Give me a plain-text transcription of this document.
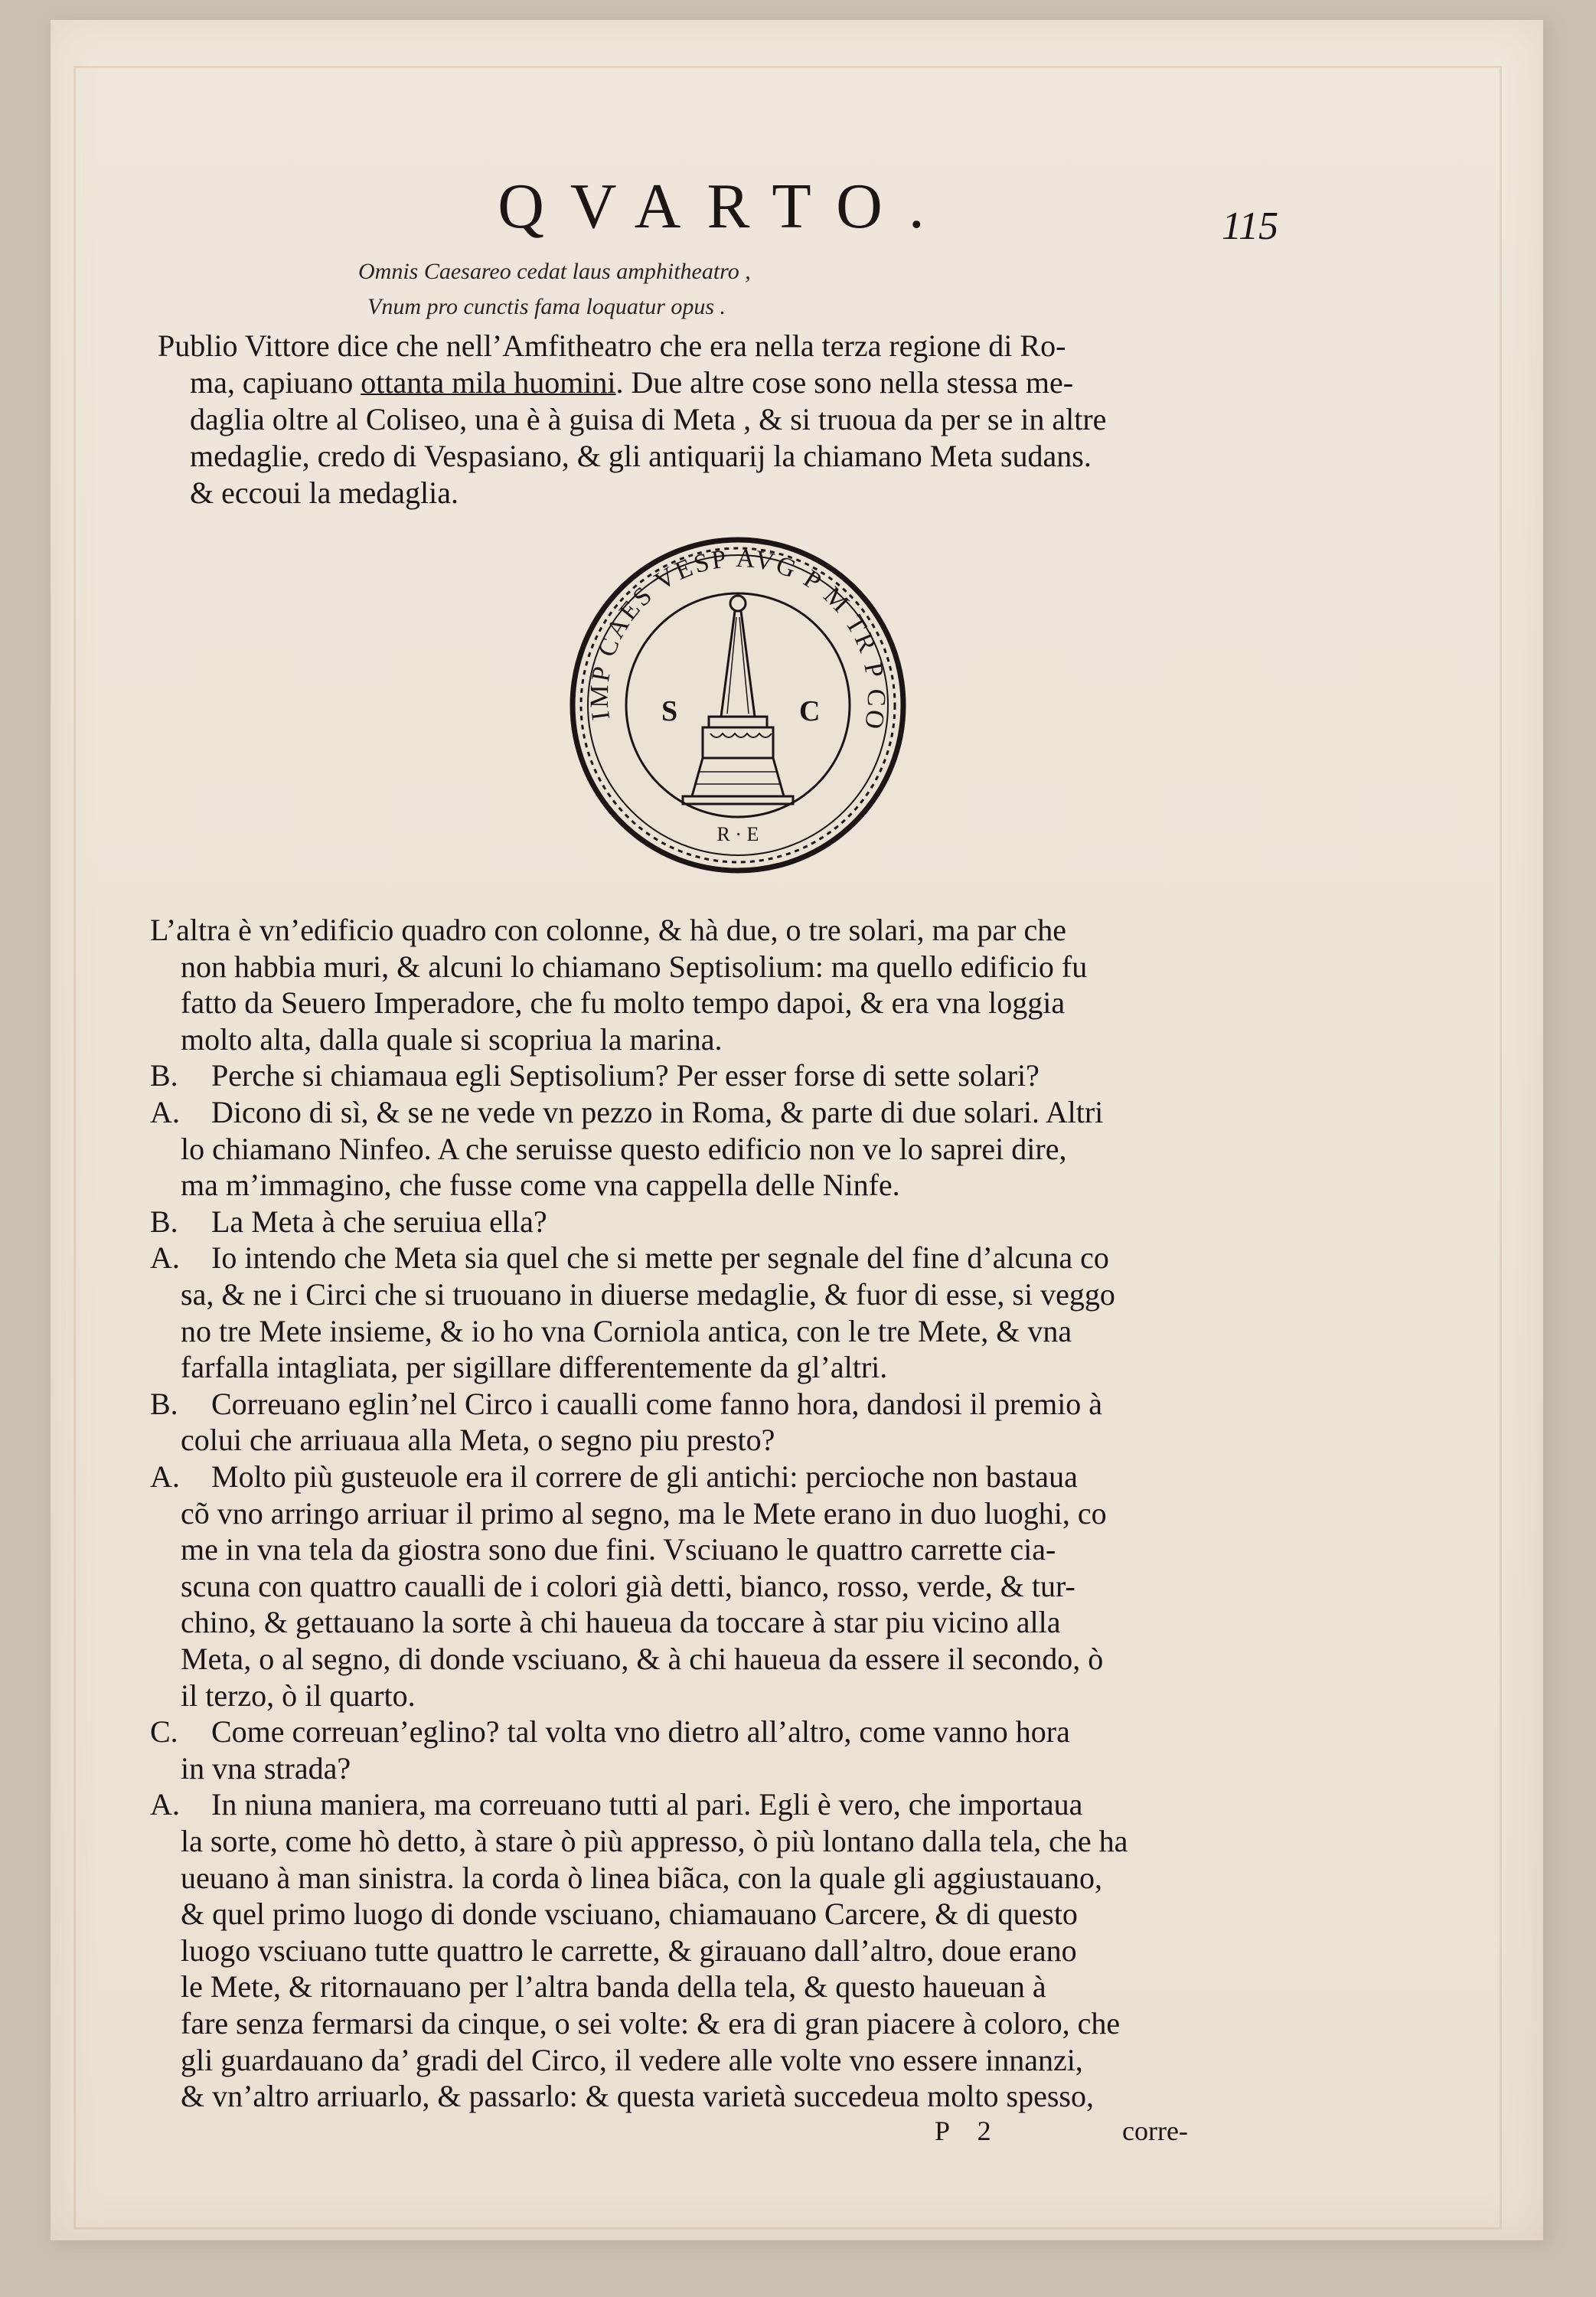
QVARTO.	115
Omnis Caesareo cedat laus amphitheatro ,
Vnum pro cunctis fama loquatur opus .
Publio Vittore dice che nell’Amfitheatro che era nella terza regione di Ro-
ma, capiuano ottanta mila huomini. Due altre cose sono nella stessa me-
daglia oltre al Coliseo, una è à guisa di Meta , & si truoua da per se in altre
medaglie, credo di Vespasiano, & gli antiquarij la chiamano Meta sudans.
& eccoui la medaglia.
IMP CAES VESP AVG P M TR P CO
S	C
R · E
L’altra è vn’edificio quadro con colonne, & hà due, o tre solari, ma par che
non habbia muri, & alcuni lo chiamano Septisolium: ma quello edificio fu
fatto da Seuero Imperadore, che fu molto tempo dapoi, & era vna loggia
molto alta, dalla quale si scopriua la marina.
B. Perche si chiamaua egli Septisolium? Per esser forse di sette solari?
A. Dicono di sì, & se ne vede vn pezzo in Roma, & parte di due solari. Altri
lo chiamano Ninfeo. A che seruisse questo edificio non ve lo saprei dire,
ma m’immagino, che fusse come vna cappella delle Ninfe.
B. La Meta à che seruiua ella?
A. Io intendo che Meta sia quel che si mette per segnale del fine d’alcuna co
sa, & ne i Circi che si truouano in diuerse medaglie, & fuor di esse, si veggo
no tre Mete insieme, & io ho vna Corniola antica, con le tre Mete, & vna
farfalla intagliata, per sigillare differentemente da gl’altri.
B. Correuano eglin’nel Circo i caualli come fanno hora, dandosi il premio à
colui che arriuaua alla Meta, o segno piu presto?
A. Molto più gusteuole era il correre de gli antichi: percioche non bastaua
cõ vno arringo arriuar il primo al segno, ma le Mete erano in duo luoghi, co
me in vna tela da giostra sono due fini. Vsciuano le quattro carrette cia-
scuna con quattro caualli de i colori già detti, bianco, rosso, verde, & tur-
chino, & gettauano la sorte à chi haueua da toccare à star piu vicino alla
Meta, o al segno, di donde vsciuano, & à chi haueua da essere il secondo, ò
il terzo, ò il quarto.
C. Come correuan’eglino? tal volta vno dietro all’altro, come vanno hora
in vna strada?
A. In niuna maniera, ma correuano tutti al pari. Egli è vero, che importaua
la sorte, come hò detto, à stare ò più appresso, ò più lontano dalla tela, che ha
ueuano à man sinistra. la corda ò linea biãca, con la quale gli aggiustauano,
& quel primo luogo di donde vsciuano, chiamauano Carcere, & di questo
luogo vsciuano tutte quattro le carrette, & girauano dall’altro, doue erano
le Mete, & ritornauano per l’altra banda della tela, & questo haueuan à
fare senza fermarsi da cinque, o sei volte: & era di gran piacere à coloro, che
gli guardauano da’ gradi del Circo, il vedere alle volte vno essere innanzi,
& vn’altro arriuarlo, & passarlo: & questa varietà succedeua molto spesso,
P 2	corre-
